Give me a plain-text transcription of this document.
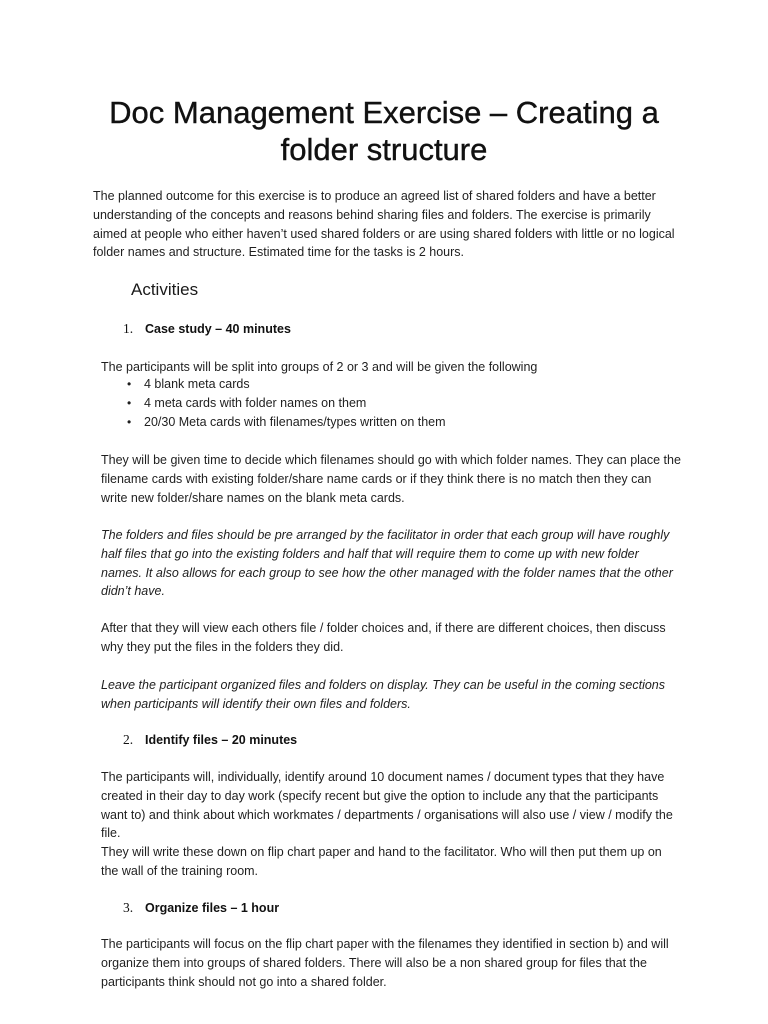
Doc Management Exercise – Creating a
folder structure

The planned outcome for this exercise is to produce an agreed list of shared folders and have a better understanding of the concepts and reasons behind sharing files and folders. The exercise is primarily aimed at people who either haven’t used shared folders or are using shared folders with little or no logical folder names and structure. Estimated time for the tasks is 2 hours.

Activities
1. Case study – 40 minutes

The participants will be split into groups of 2 or 3 and will be given the following

• 4 blank meta cards
• 4 meta cards with folder names on them
• 20/30 Meta cards with filenames/types written on them

They will be given time to decide which filenames should go with which folder names. They can place the filename cards with existing folder/share name cards or if they think there is no match then they can write new folder/share names on the blank meta cards.

The folders and files should be pre arranged by the facilitator in order that each group will have roughly half files that go into the existing folders and half that will require them to come up with new folder names. It also allows for each group to see how the other managed with the folder names that the other didn’t have.

After that they will view each others file / folder choices and, if there are different choices, then discuss why they put the files in the folders they did.

Leave the participant organized files and folders on display. They can be useful in the coming sections when participants will identify their own files and folders.

2. Identify files – 20 minutes

The participants will, individually, identify around 10 document names / document types that they have created in their day to day work (specify recent but give the option to include any that the participants want to) and think about which workmates / departments / organisations will also use / view / modify the file.

They will write these down on flip chart paper and hand to the facilitator. Who will then put them up on the wall of the training room.

3. Organize files – 1 hour

The participants will focus on the flip chart paper with the filenames they identified in section b) and will organize them into groups of shared folders. There will also be a non shared group for files that the participants think should not go into a shared folder.
